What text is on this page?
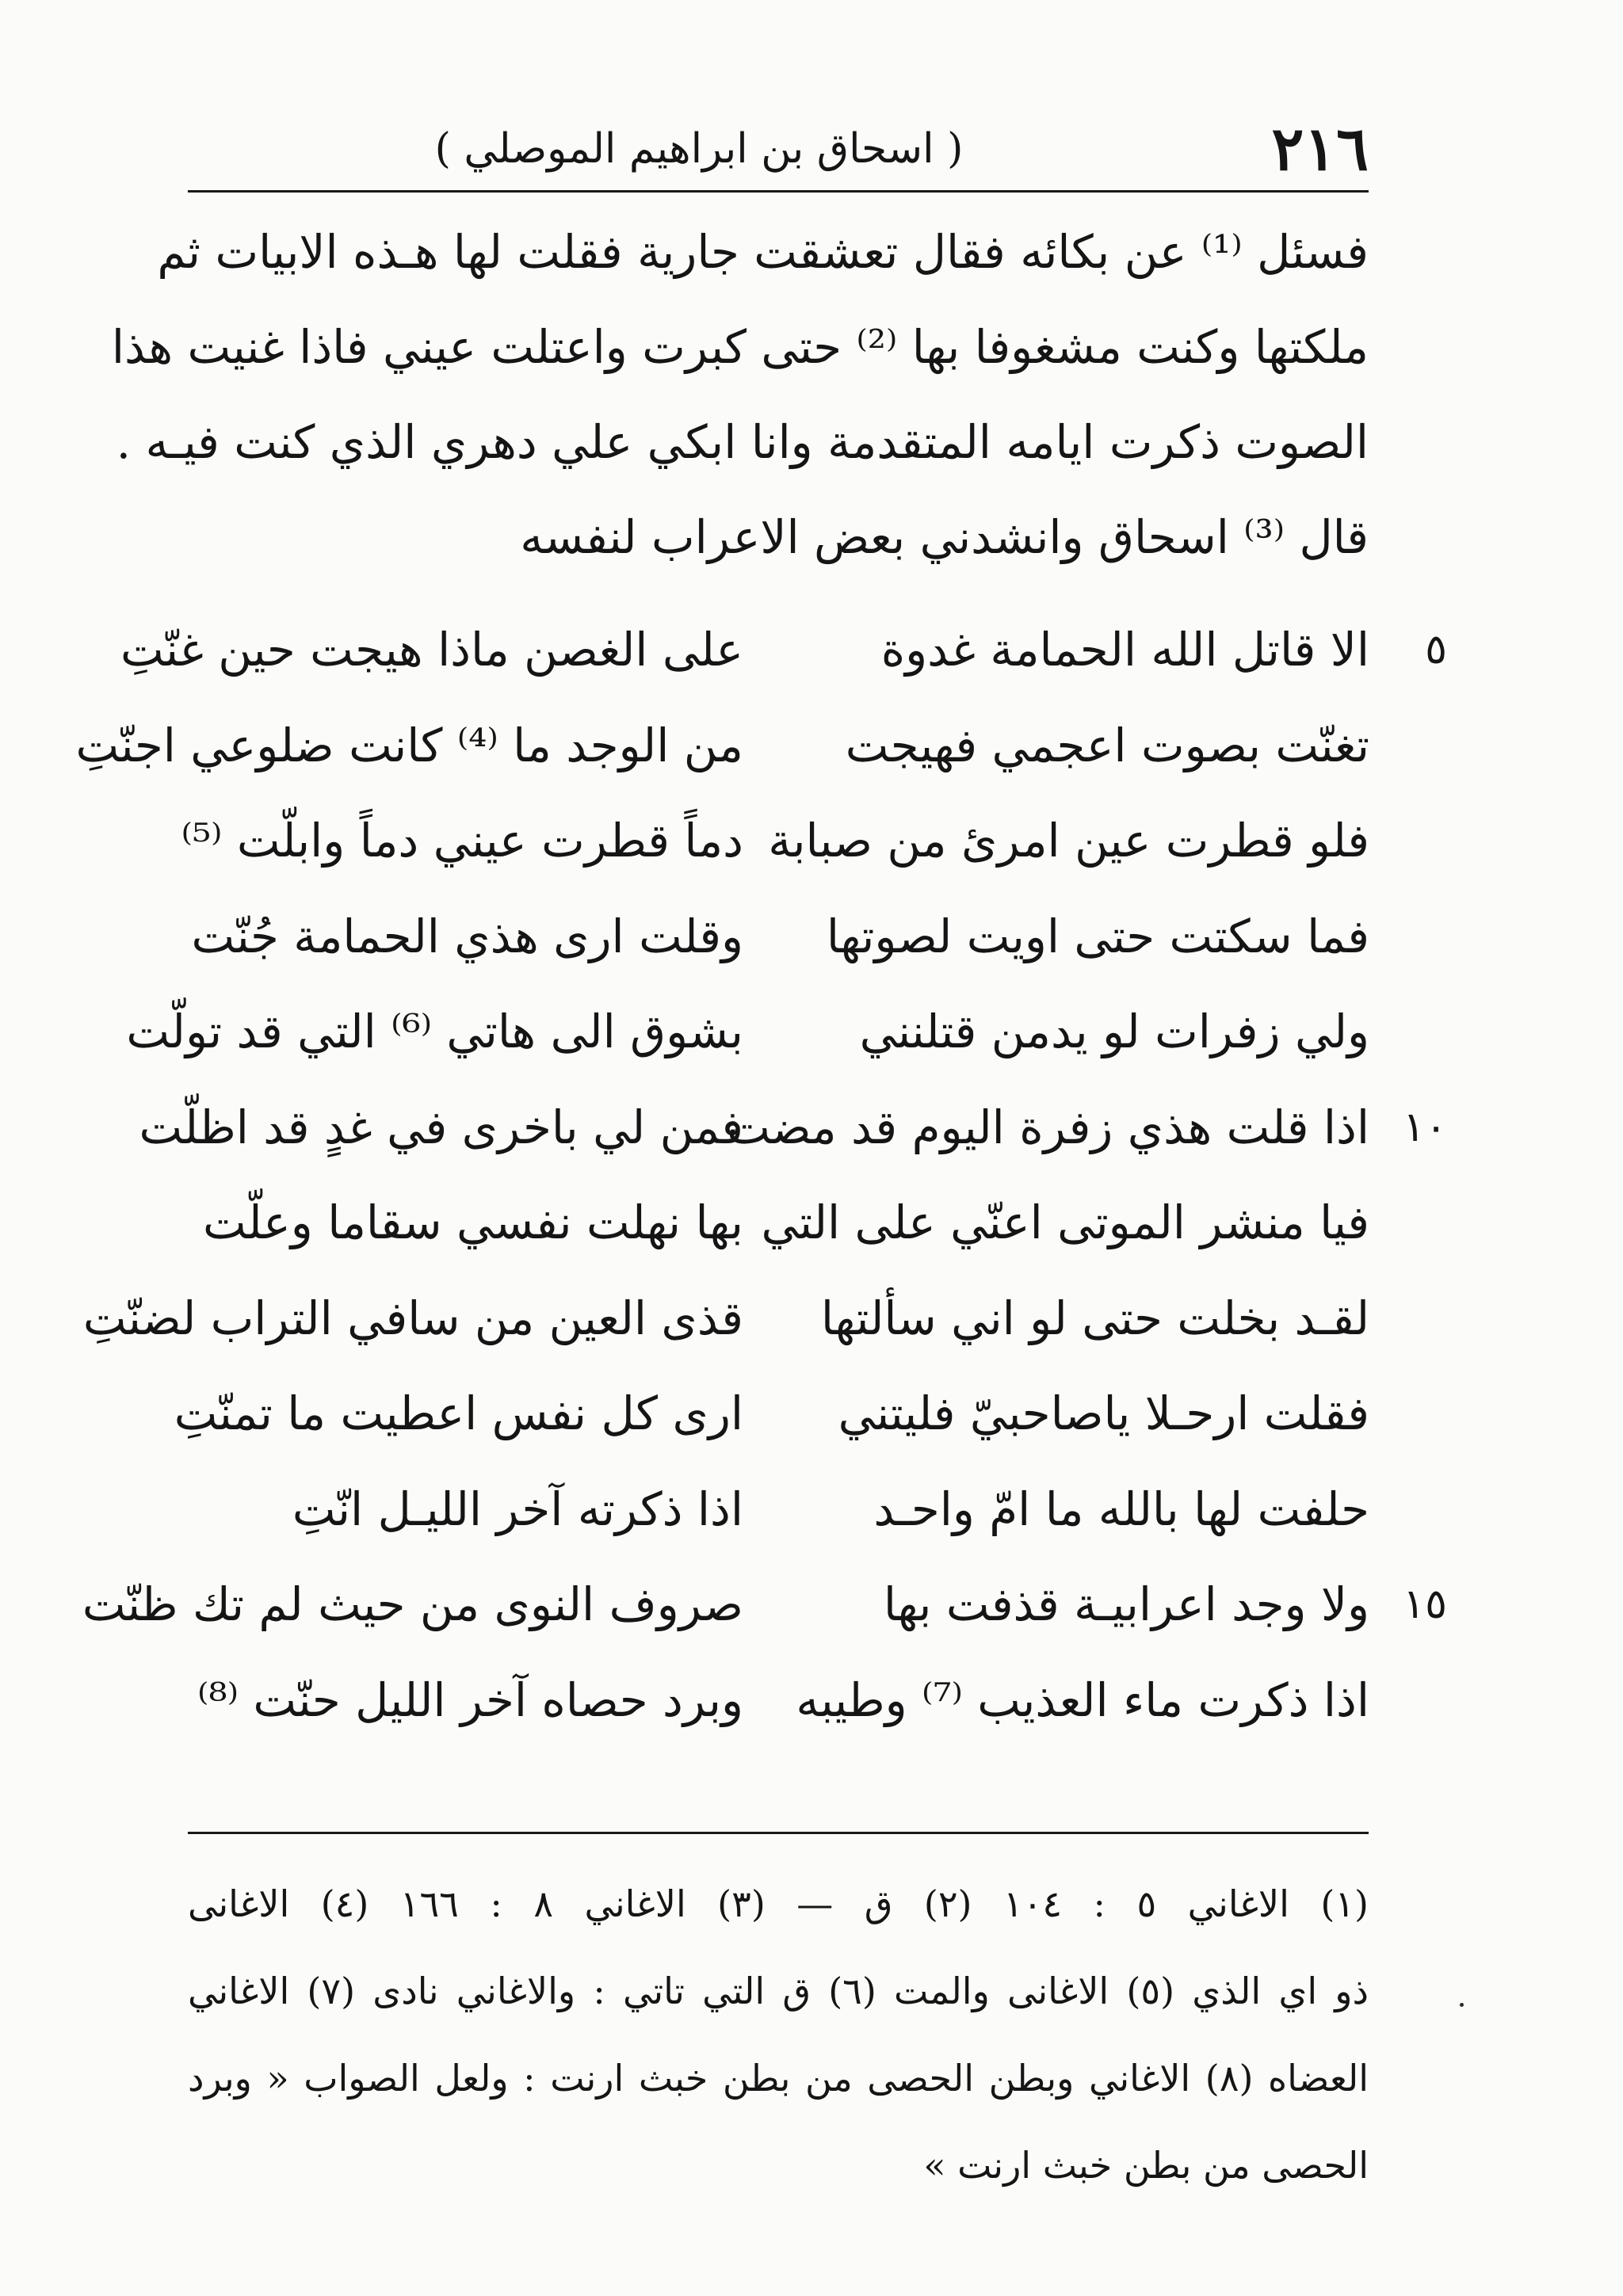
٢١٦
( اسحاق بن ابراهيم الموصلي )
فسئل ⁽¹⁾ عن بكائه فقال تعشقت جارية فقلت لها هـذه الابيات ثم
ملكتها وكنت مشغوفا بها ⁽²⁾ حتى كبرت واعتلت عيني فاذا غنيت هذا
الصوت ذكرت ايامه المتقدمة وانا ابكي علي دهري الذي كنت فيـه .
قال ⁽³⁾ اسحاق وانشدني بعض الاعراب لنفسه
٥
الا قاتل الله الحمامة غدوة
على الغصن ماذا هيجت حين غنّتِ
تغنّت بصوت اعجمي فهيجت
من الوجد ما ⁽⁴⁾ كانت ضلوعي اجنّتِ
فلو قطرت عين امرئ من صبابة
دماً قطرت عيني دماً وابلّت ⁽⁵⁾
فما سكتت حتى اويت لصوتها
وقلت ارى هذي الحمامة جُنّت
ولي زفرات لو يدمن قتلنني
بشوق الى هاتي ⁽⁶⁾ التي قد تولّت
١٠
اذا قلت هذي زفرة اليوم قد مضت
فمن لي باخرى في غدٍ قد اظلّت
فيا منشر الموتى اعنّي على التي
بها نهلت نفسي سقاما وعلّت
لقـد بخلت حتى لو اني سألتها
قذى العين من سافي التراب لضنّتِ
فقلت ارحـلا ياصاحبيّ فليتني
ارى كل نفس اعطيت ما تمنّتِ
حلفت لها بالله ما امّ واحـد
اذا ذكرته آخر الليـل انّتِ
١٥
ولا وجد اعرابيـة قذفت بها
صروف النوى من حيث لم تك ظنّت
اذا ذكرت ماء العذيب ⁽⁷⁾ وطيبه
وبرد حصاه آخر الليل حنّت ⁽⁸⁾
(١) الاغاني ٥ : ١٠٤ (٢) ق — (٣) الاغاني ٨ : ١٦٦ (٤) الاغانى
ذو اي الذي (٥) الاغانى والمت (٦) ق التي تاتي : والاغاني نادى (٧) الاغاني
العضاه (٨) الاغاني وبطن الحصى من بطن خبث ارنت : ولعل الصواب « وبرد
الحصى من بطن خبث ارنت »
